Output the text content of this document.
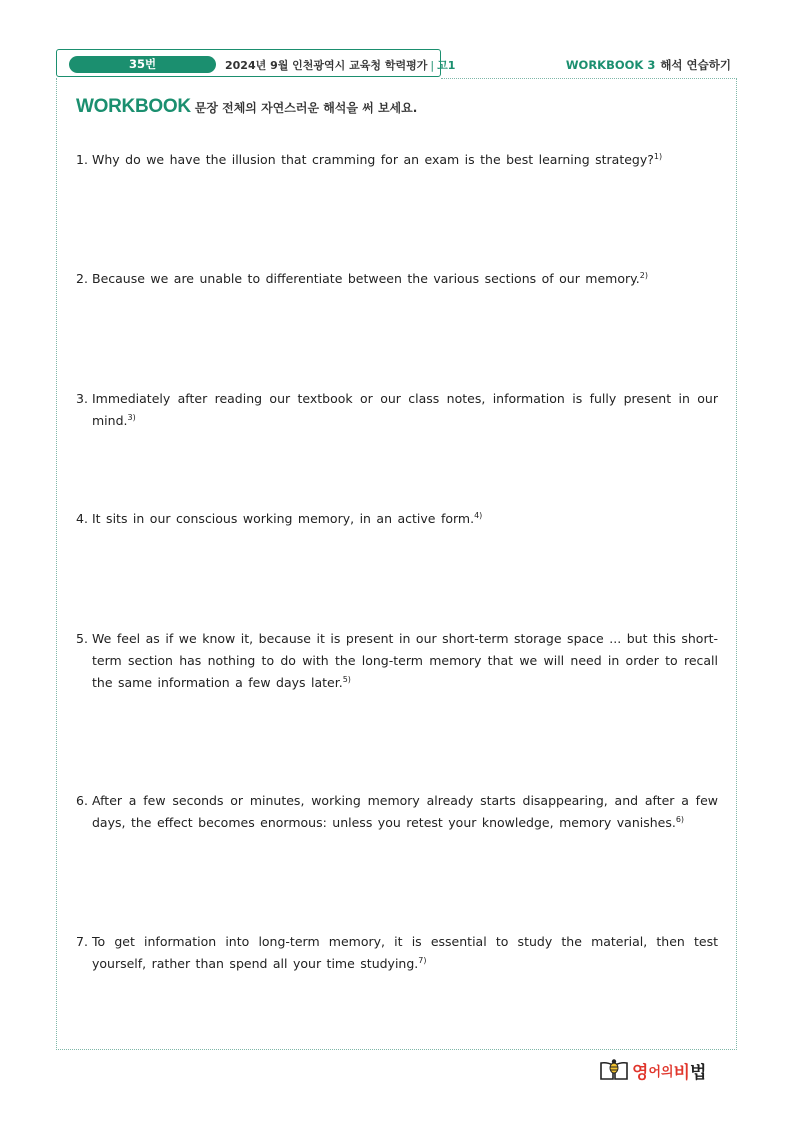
35번	2024년 9월 인천광역시 교육청 학력평가 | 고1	WORKBOOK 3 해석 연습하기
WORKBOOK 문장 전체의 자연스러운 해석을 써 보세요.
1. Why do we have the illusion that cramming for an exam is the best learning strategy?$^{1)}$
2. Because we are unable to differentiate between the various sections of our memory.$^{2)}$
3. Immediately after reading our textbook or our class notes, information is fully present in our mind.$^{3)}$
4. It sits in our conscious working memory, in an active form.$^{4)}$
5. We feel as if we know it, because it is present in our short-term storage space ... but this short-term section has nothing to do with the long-term memory that we will need in order to recall the same information a few days later.$^{5)}$
6. After a few seconds or minutes, working memory already starts disappearing, and after a few days, the effect becomes enormous: unless you retest your knowledge, memory vanishes.$^{6)}$
7. To get information into long-term memory, it is essential to study the material, then test yourself, rather than spend all your time studying.$^{7)}$
영 어의 비 법
